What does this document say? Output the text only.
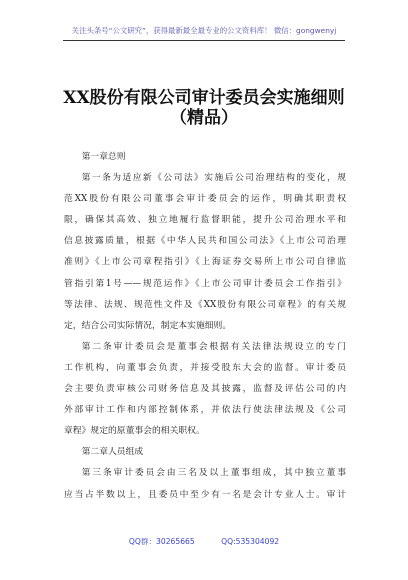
关注头条号“公文研究”，获得最新最全最专业的公文资料库！ 微信：gongwenyj
XX股份有限公司审计委员会实施细则
（精品）
第一章总则
第一条为适应新《公司法》实施后公司治理结构的变化，规
范XX股份有限公司董事会审计委员会的运作，明确其职责权
限，确保其高效、独立地履行监督职能，提升公司治理水平和
信息披露质量，根据《中华人民共和国公司法》《上市公司治理
准则》《上市公司章程指引》《上海证券交易所上市公司自律监
管指引第1号——规范运作》《上市公司审计委员会工作指引》
等法律、法规、规范性文件及《XX股份有限公司章程》的有关规
定，结合公司实际情况，制定本实施细则。
第二条审计委员会是董事会根据有关法律法规设立的专门
工作机构，向董事会负责，并接受股东大会的监督。审计委员
会主要负责审核公司财务信息及其披露，监督及评估公司的内
外部审计工作和内部控制体系，并依法行使法律法规及《公司
章程》规定的原董事会的相关职权。
第二章人员组成
第三条审计委员会由三名及以上董事组成，其中独立董事
应当占半数以上，且委员中至少有一名是会计专业人士。审计
QQ群：30265665	QQ:535304092
